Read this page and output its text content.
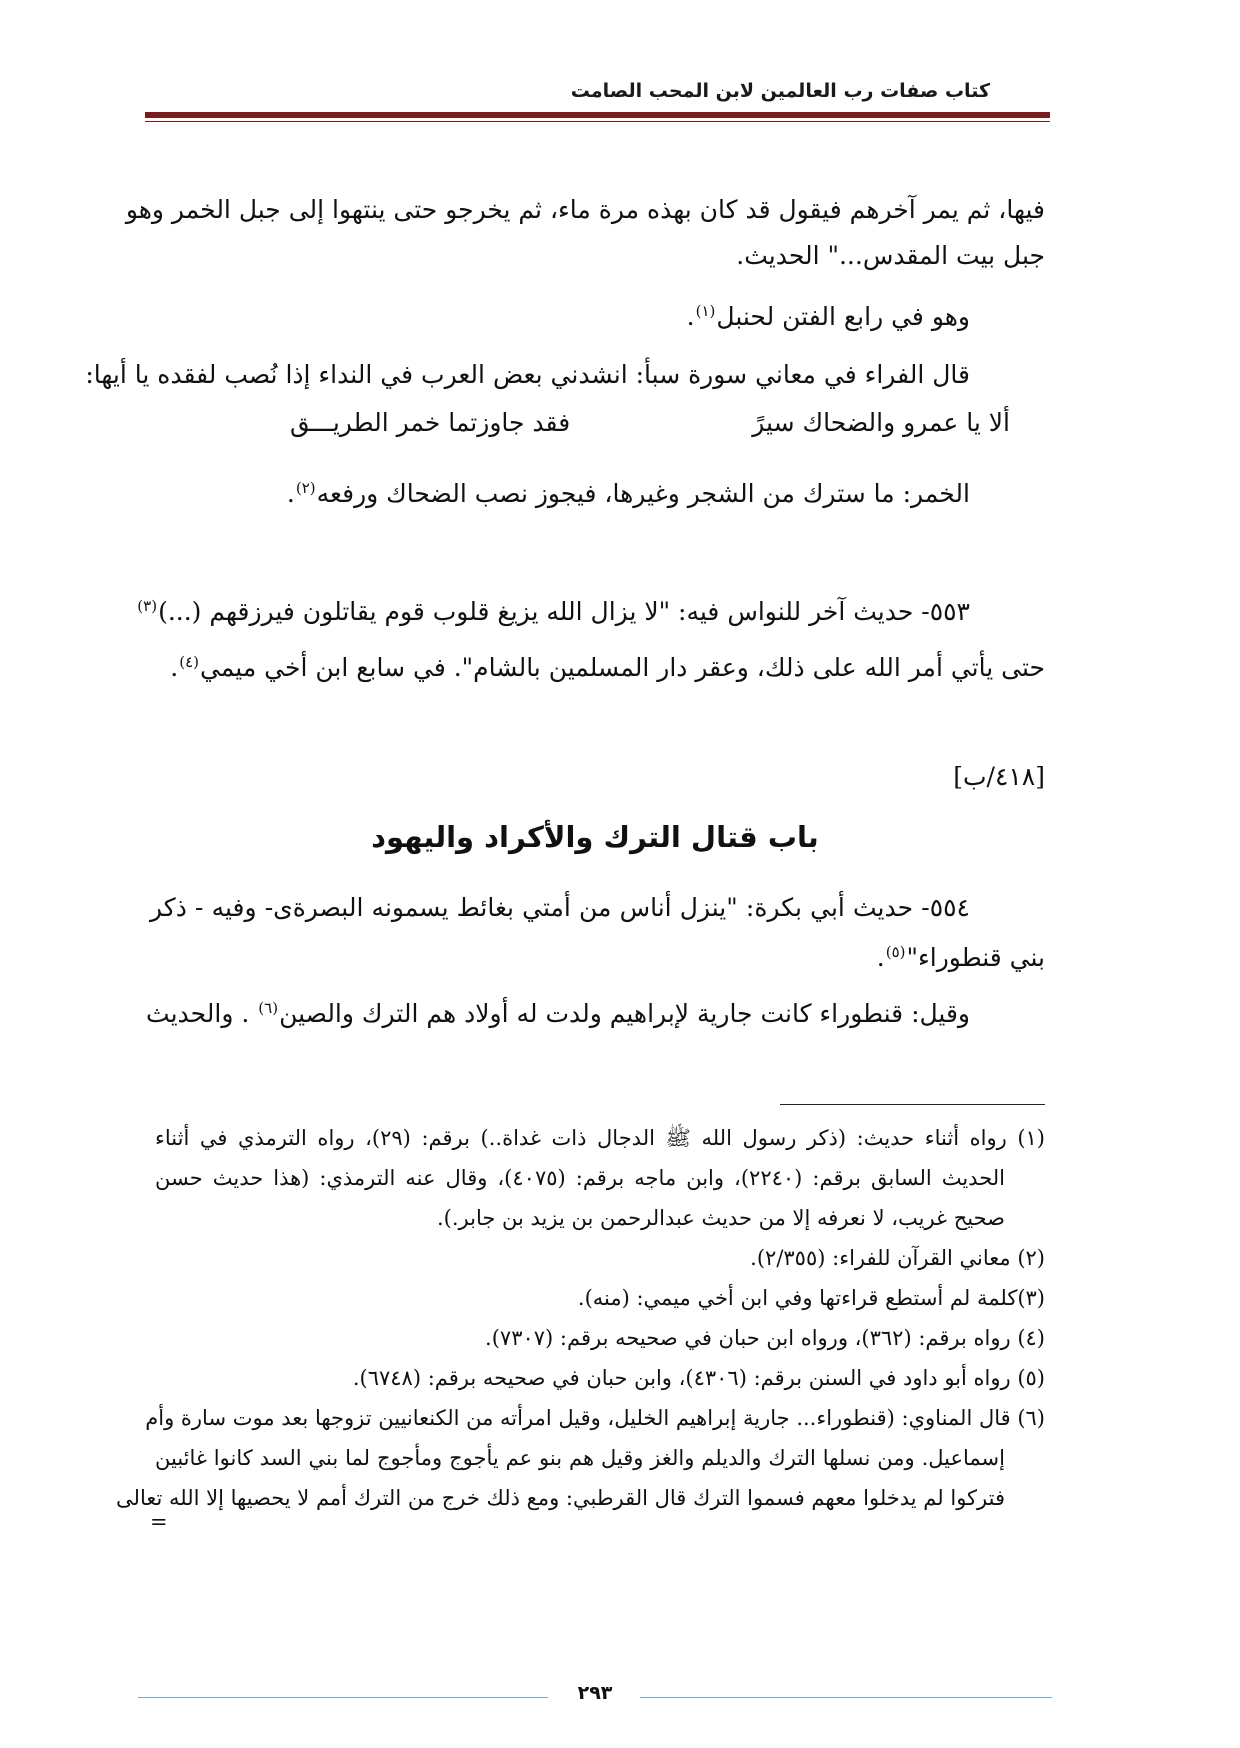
كتاب صفات رب العالمين لابن المحب الصامت
فيها، ثم يمر آخرهم فيقول قد كان بهذه مرة ماء، ثم يخرجو حتى ينتهوا إلى جبل الخمر وهو
جبل بيت المقدس..." الحديث.
وهو في رابع الفتن لحنبل$^{(١)}$.
قال الفراء في معاني سورة سبأ: انشدني بعض العرب في النداء إذا نُصب لفقده يا أيها:
ألا يا عمرو والضحاك سيرً
فقد جاوزتما خمر الطريـــق
الخمر: ما سترك من الشجر وغيرها، فيجوز نصب الضحاك ورفعه$^{(٢)}$.
٥٥٣- حديث آخر للنواس فيه: "لا يزال الله يزيغ قلوب قوم يقاتلون فيرزقهم (...)$^{(٣)}$
حتى يأتي أمر الله على ذلك، وعقر دار المسلمين بالشام". في سابع ابن أخي ميمي$^{(٤)}$.
[٤١٨/ب]
باب قتال الترك والأكراد واليهود
٥٥٤- حديث أبي بكرة: "ينزل أناس من أمتي بغائط يسمونه البصرةى- وفيه - ذكر
بني قنطوراء"$^{(٥)}$.
وقيل: قنطوراء كانت جارية لإبراهيم ولدت له أولاد هم الترك والصين$^{(٦)}$ . والحديث
(١) رواه أثناء حديث: (ذكر رسول الله ﷺ الدجال ذات غداة..) برقم: (٢٩)، رواه الترمذي في أثناء
الحديث السابق برقم: (٢٢٤٠)، وابن ماجه برقم: (٤٠٧٥)، وقال عنه الترمذي: (هذا حديث حسن
صحيح غريب، لا نعرفه إلا من حديث عبدالرحمن بن يزيد بن جابر.).
(٢) معاني القرآن للفراء: (٢/٣٥٥).
(٣)كلمة لم أستطع قراءتها وفي ابن أخي ميمي: (منه).
(٤) رواه برقم: (٣٦٢)، ورواه ابن حبان في صحيحه برقم: (٧٣٠٧).
(٥) رواه أبو داود في السنن برقم: (٤٣٠٦)، وابن حبان في صحيحه برقم: (٦٧٤٨).
(٦) قال المناوي: (قنطوراء... جارية إبراهيم الخليل، وقيل امرأته من الكنعانيين تزوجها بعد موت سارة وأم
إسماعيل. ومن نسلها الترك والديلم والغز وقيل هم بنو عم يأجوج ومأجوج لما بني السد كانوا غائبين
فتركوا لم يدخلوا معهم فسموا الترك قال القرطبي: ومع ذلك خرج من الترك أمم لا يحصيها إلا الله تعالى
=
٢٩٣
